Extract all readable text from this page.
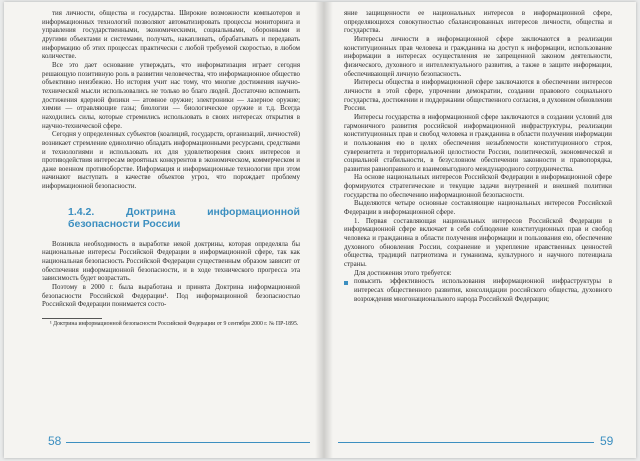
тия личности, общества и государства. Широкие возможности компьютеров и информационных технологий позволяют автоматизировать процессы мониторинга и управления государственными, экономическими, социальными, оборонными и другими объектами и системами, получать, накапливать, обрабатывать и передавать информацию об этих процессах практически с любой требуемой скоростью, в любом количестве.

Все это дает основание утверждать, что информатизация играет сегодня решающую позитивную роль в развитии человечества, что информационное общество объективно неизбежно. Но история учит нас тому, что многие достижения научно-технической мысли использовались не только во благо людей. Достаточно вспомнить достижения ядерной физики — атомное оружие; электроники — лазерное оружие; химии — отравляющие газы; биологии — биологическое оружие и т.д. Всегда находились силы, которые стремились использовать в своих интересах открытия в научно-технической сфере.

Сегодня у определенных субъектов (коалиций, государств, организаций, личностей) возникает стремление единолично обладать информационными ресурсами, средствами и технологиями и использовать их для удовлетворения своих интересов и противодействия интересам вероятных конкурентов в экономическом, коммерческом и даже военном противоборстве. Информация и информационные технологии при этом начинают выступать в качестве объектов угроз, что порождает проблему информационной безопасности.

1.4.2. Доктрина информационной безопасности России

Возникла необходимость в выработке некой доктрины, которая определяла бы национальные интересы Российской Федерации в информационной сфере, так как национальная безопасность Российской Федерации существенным образом зависит от обеспечения информационной безопасности, и в ходе технического прогресса эта зависимость будет возрастать.

Поэтому в 2000 г. была выработана и принята Доктрина информационной безопасности Российской Федерации¹. Под информационной безопасностью Российской Федерации понимается состо-

¹ Доктрина информационной безопасности Российской Федерации от 9 сентября 2000 г. № ПР-1895.

яние защищенности ее национальных интересов в информационной сфере, определяющихся совокупностью сбалансированных интересов личности, общества и государства.

Интересы личности в информационной сфере заключаются в реализации конституционных прав человека и гражданина на доступ к информации, использование информации в интересах осуществления не запрещенной законом деятельности, физического, духовного и интеллектуального развития, а также в защите информации, обеспечивающей личную безопасность.

Интересы общества в информационной сфере заключаются в обеспечении интересов личности в этой сфере, упрочении демократии, создании правового социального государства, достижении и поддержании общественного согласия, в духовном обновлении России.

Интересы государства в информационной сфере заключаются в создании условий для гармоничного развития российской информационной инфраструктуры, реализации конституционных прав и свобод человека и гражданина в области получения информации и пользования ею в целях обеспечения незыблемости конституционного строя, суверенитета и территориальной целостности России, политической, экономической и социальной стабильности, в безусловном обеспечении законности и правопорядка, развития равноправного и взаимовыгодного международного сотрудничества.

На основе национальных интересов Российской Федерации в информационной сфере формируются стратегические и текущие задачи внутренней и внешней политики государства по обеспечению информационной безопасности.

Выделяются четыре основные составляющие национальных интересов Российской Федерации в информационной сфере.

1. Первая составляющая национальных интересов Российской Федерации в информационной сфере включает в себя соблюдение конституционных прав и свобод человека и гражданина в области получения информации и пользования ею, обеспечение духовного обновления России, сохранение и укрепление нравственных ценностей общества, традиций патриотизма и гуманизма, культурного и научного потенциала страны.

Для достижения этого требуется:

повысить эффективность использования информационной инфраструктуры в интересах общественного развития, консолидации российского общества, духовного возрождения многонационального народа Российской Федерации;

58	59
